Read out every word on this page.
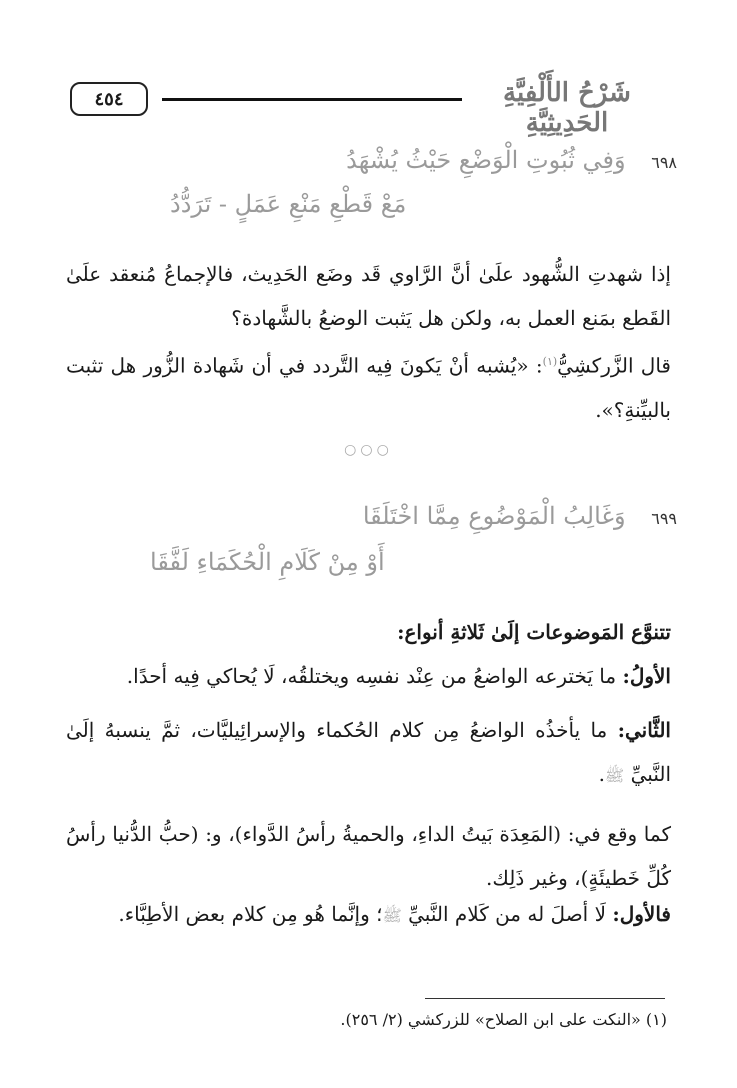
شَرْحُ الأَلْفِيَّةِ الحَدِيثِيَّةِ
٤٥٤
٦٩٨ وَفِي ثُبُوتِ الْوَضْعِ حَيْثُ يُشْهَدُ
مَعْ قَطْعِ مَنْعِ عَمَلٍ - تَرَدُّدُ
إذا شهدتِ الشُّهود علَىٰ أنَّ الرَّاوي قَد وضَع الحَدِيث، فالإجماعُ مُنعقد علَىٰ القَطع بمَنع العمل به، ولكن هل يَثبت الوضعُ بالشَّهادة؟
قال الزَّركشِيُّ$^{(١)}$: «يُشبه أنْ يَكونَ فِيه التَّردد في أن شَهادة الزُّور هل تثبت بالبيِّنةِ؟».
○○○
٦٩٩ وَغَالِبُ الْمَوْضُوعِ مِمَّا اخْتَلَقَا
أَوْ مِنْ كَلَامِ الْحُكَمَاءِ لَفَّقَا
تتنوَّع المَوضوعات إلَىٰ ثَلاثةِ أنواع:
الأولُ: ما يَخترعه الواضعُ من عِنْد نفسِه ويختلقُه، لَا يُحاكي فِيه أحدًا.
الثَّاني: ما يأخذُه الواضعُ مِن كلام الحُكماء والإسرائِيليَّات، ثمَّ ينسبهُ إلَىٰ النَّبيِّ ﷺ.
كما وقع في: (المَعِدَة بَيتُ الداءِ، والحميةُ رأسُ الدَّواء)، و: (حبُّ الدُّنيا رأسُ كُلِّ خَطيئَةٍ)، وغير ذَلِك.
فالأول: لَا أصلَ له من كَلام النَّبيِّ ﷺ؛ وإنَّما هُو مِن كلام بعض الأطِبَّاء.
(١) «النكت على ابن الصلاح» للزركشي (٢/ ٢٥٦).
